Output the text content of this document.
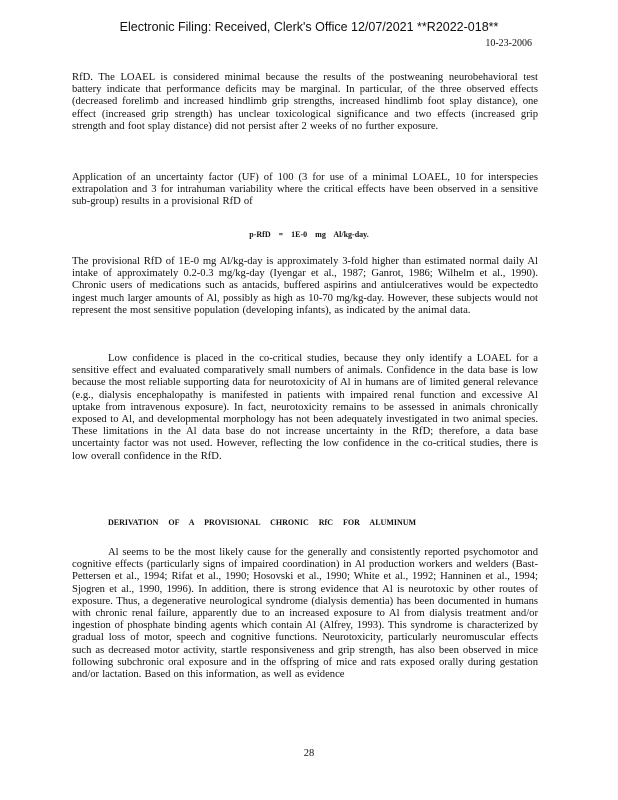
Electronic Filing: Received, Clerk's Office 12/07/2021 **R2022-018**
10-23-2006
RfD. The LOAEL is considered minimal because the results of the postweaning neurobehavioral test battery indicate that performance deficits may be marginal. In particular, of the three observed effects (decreased forelimb and increased hindlimb grip strengths, increased hindlimb foot splay distance), one effect (increased grip strength) has unclear toxicological significance and two effects (increased grip strength and foot splay distance) did not persist after 2 weeks of no further exposure.
Application of an uncertainty factor (UF) of 100 (3 for use of a minimal LOAEL, 10 for interspecies extrapolation and 3 for intrahuman variability where the critical effects have been observed in a sensitive sub-group) results in a provisional RfD of
p-RfD = 1E-0 mg Al/kg-day.
The provisional RfD of 1E-0 mg Al/kg-day is approximately 3-fold higher than estimated normal daily Al intake of approximately 0.2-0.3 mg/kg-day (Iyengar et al., 1987; Ganrot, 1986; Wilhelm et al., 1990). Chronic users of medications such as antacids, buffered aspirins and antiulceratives would be expectedto ingest much larger amounts of Al, possibly as high as 10-70 mg/kg-day. However, these subjects would not represent the most sensitive population (developing infants), as indicated by the animal data.
Low confidence is placed in the co-critical studies, because they only identify a LOAEL for a sensitive effect and evaluated comparatively small numbers of animals. Confidence in the data base is low because the most reliable supporting data for neurotoxicity of Al in humans are of limited general relevance (e.g., dialysis encephalopathy is manifested in patients with impaired renal function and excessive Al uptake from intravenous exposure). In fact, neurotoxicity remains to be assessed in animals chronically exposed to Al, and developmental morphology has not been adequately investigated in two animal species. These limitations in the Al data base do not increase uncertainty in the RfD; therefore, a data base uncertainty factor was not used. However, reflecting the low confidence in the co-critical studies, there is low overall confidence in the RfD.
DERIVATION OF A PROVISIONAL CHRONIC RfC FOR ALUMINUM
Al seems to be the most likely cause for the generally and consistently reported psychomotor and cognitive effects (particularly signs of impaired coordination) in Al production workers and welders (Bast-Pettersen et al., 1994; Rifat et al., 1990; Hosovski et al., 1990; White et al., 1992; Hanninen et al., 1994; Sjogren et al., 1990, 1996). In addition, there is strong evidence that Al is neurotoxic by other routes of exposure. Thus, a degenerative neurological syndrome (dialysis dementia) has been documented in humans with chronic renal failure, apparently due to an increased exposure to Al from dialysis treatment and/or ingestion of phosphate binding agents which contain Al (Alfrey, 1993). This syndrome is characterized by gradual loss of motor, speech and cognitive functions. Neurotoxicity, particularly neuromuscular effects such as decreased motor activity, startle responsiveness and grip strength, has also been observed in mice following subchronic oral exposure and in the offspring of mice and rats exposed orally during gestation and/or lactation. Based on this information, as well as evidence
28
